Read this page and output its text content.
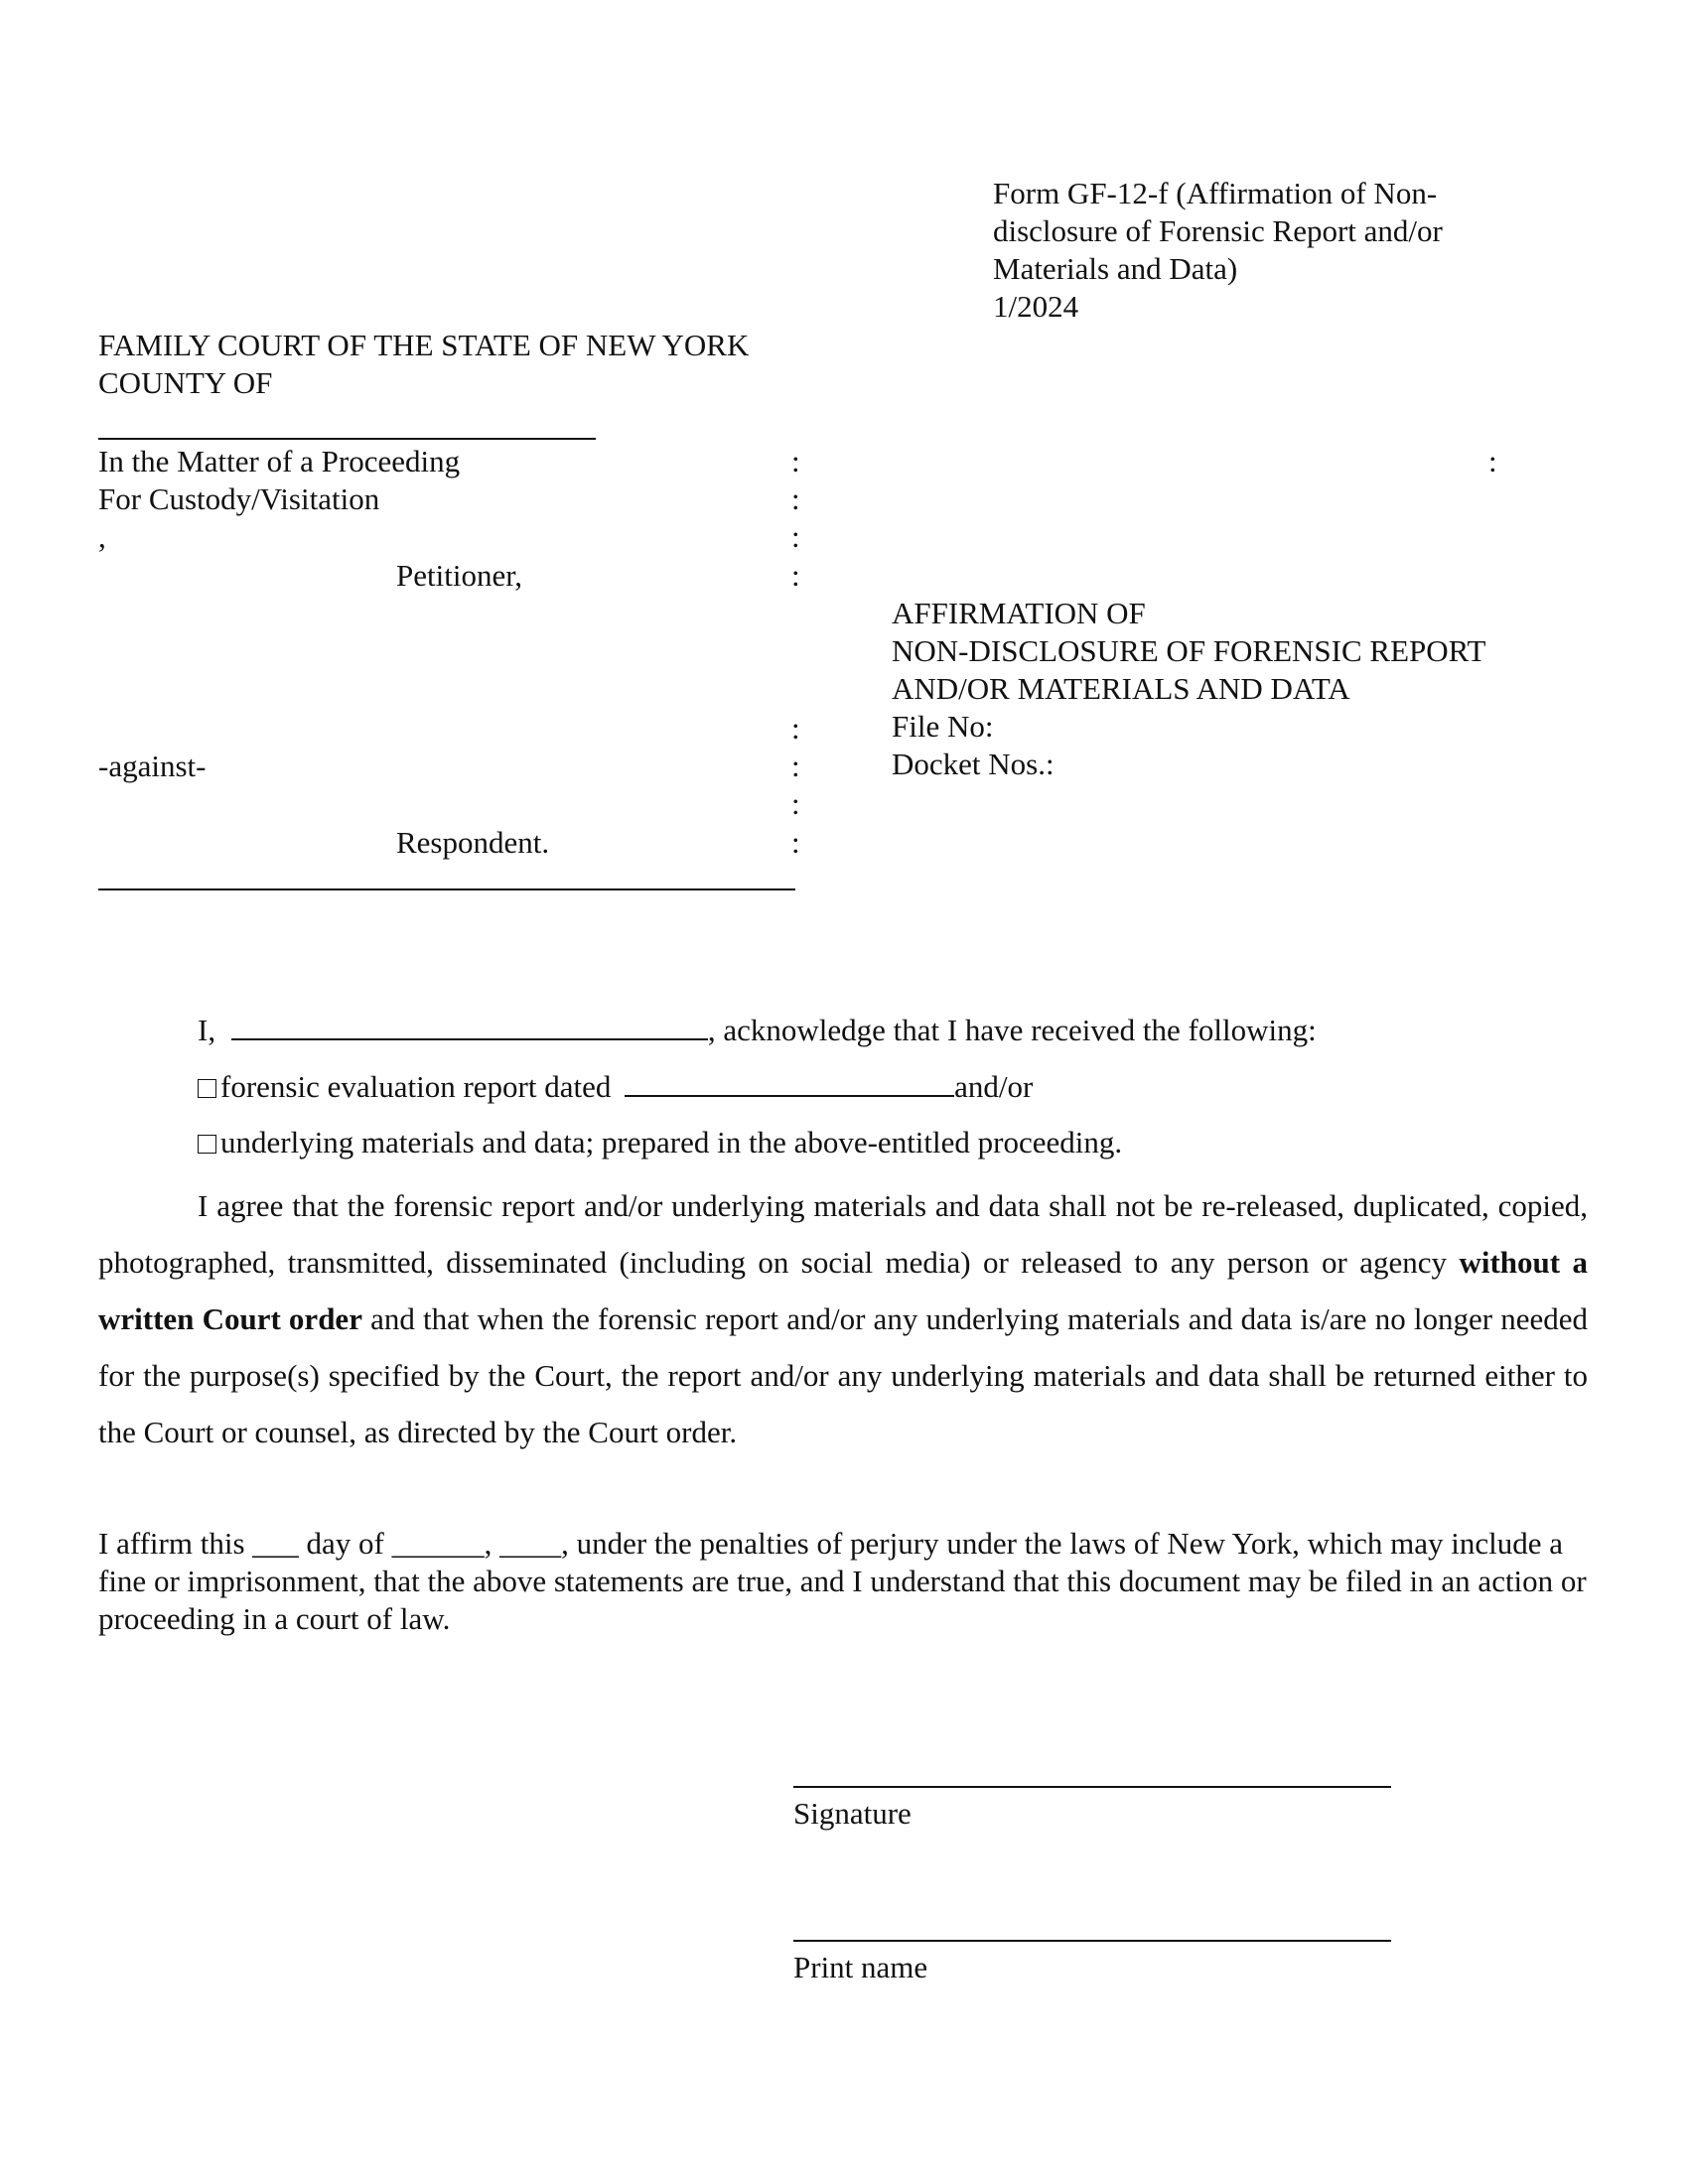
Form GF-12-f (Affirmation of Non-
disclosure of Forensic Report and/or
Materials and Data)
1/2024
FAMILY COURT OF THE STATE OF NEW YORK
COUNTY OF
In the Matter of a Proceeding
For Custody/Visitation
,
Petitioner,
-against-
Respondent.
:
:
:
:
:
:
:
:
:
AFFIRMATION OF
NON-DISCLOSURE OF FORENSIC REPORT
AND/OR MATERIALS AND DATA
File No:
Docket Nos.:
I,	, acknowledge that I have received the following:
forensic evaluation report dated	and/or
underlying materials and data; prepared in the above-entitled proceeding.
I agree that the forensic report and/or underlying materials and data shall not be re-released, duplicated, copied, photographed, transmitted, disseminated (including on social media) or released to any person or agency without a written Court order and that when the forensic report and/or any underlying materials and data is/are no longer needed for the purpose(s) specified by the Court, the report and/or any underlying materials and data shall be returned either to the Court or counsel, as directed by the Court order.
I affirm this ___ day of ______, ____, under the penalties of perjury under the laws of New York, which may include a fine or imprisonment, that the above statements are true, and I understand that this document may be filed in an action or proceeding in a court of law.
Signature
Print name
